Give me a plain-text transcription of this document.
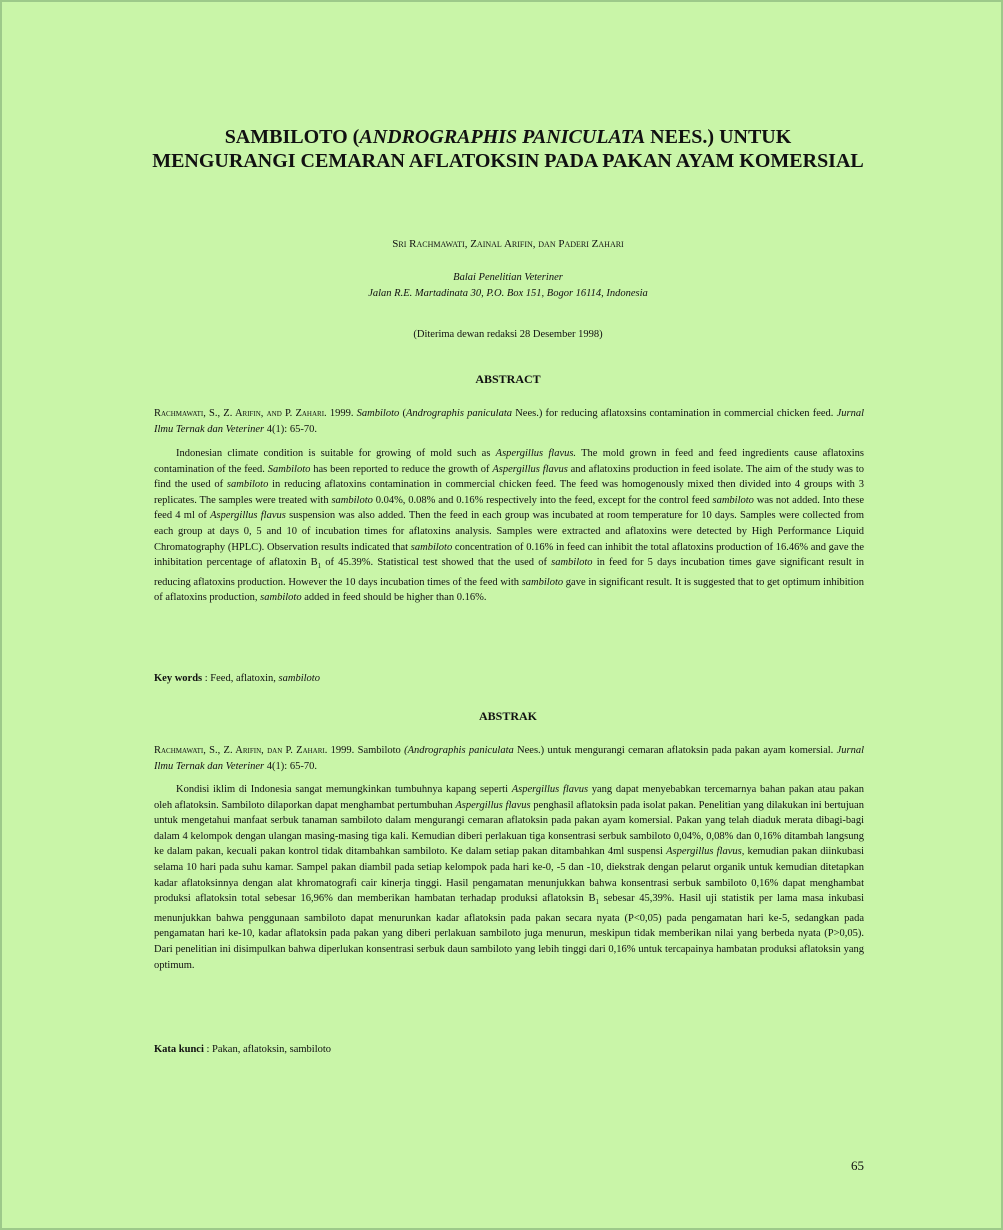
SAMBILOTO (ANDROGRAPHIS PANICULATA NEES.) UNTUK MENGURANGI CEMARAN AFLATOKSIN PADA PAKAN AYAM KOMERSIAL
Sri Rachmawati, Zainal Arifin, dan Paderi Zahari
Balai Penelitian Veteriner
Jalan R.E. Martadinata 30, P.O. Box 151, Bogor 16114, Indonesia
(Diterima dewan redaksi 28 Desember 1998)
ABSTRACT

Rachmawati, S., Z. Arifin, and P. Zahari. 1999. Sambiloto (Andrographis paniculata Nees.) for reducing aflatoxsins contamination in commercial chicken feed. Jurnal Ilmu Ternak dan Veteriner 4(1): 65-70.

Indonesian climate condition is suitable for growing of mold such as Aspergillus flavus. The mold grown in feed and feed ingredients cause aflatoxins contamination of the feed. Sambiloto has been reported to reduce the growth of Aspergillus flavus and aflatoxins production in feed isolate. The aim of the study was to find the used of sambiloto in reducing aflatoxins contamination in commercial chicken feed. The feed was homogenously mixed then divided into 4 groups with 3 replicates. The samples were treated with sambiloto 0.04%, 0.08% and 0.16% respectively into the feed, except for the control feed sambiloto was not added. Into these feed 4 ml of Aspergillus flavus suspension was also added. Then the feed in each group was incubated at room temperature for 10 days. Samples were collected from each group at days 0, 5 and 10 of incubation times for aflatoxins analysis. Samples were extracted and aflatoxins were detected by High Performance Liquid Chromatography (HPLC). Observation results indicated that sambiloto concentration of 0.16% in feed can inhibit the total aflatoxins production of 16.46% and gave the inhibitation percentage of aflatoxin $B_1$ of 45.39%. Statistical test showed that the used of sambiloto in feed for 5 days incubation times gave significant result in reducing aflatoxins production. However the 10 days incubation times of the feed with sambiloto gave in significant result. It is suggested that to get optimum inhibition of aflatoxins production, sambiloto added in feed should be higher than 0.16%.

Key words : Feed, aflatoxin, sambiloto

ABSTRAK

Rachmawati, S., Z. Arifin, dan P. Zahari. 1999. Sambiloto (Andrographis paniculata Nees.) untuk mengurangi cemaran aflatoksin pada pakan ayam komersial. Jurnal Ilmu Ternak dan Veteriner 4(1): 65-70.

Kondisi iklim di Indonesia sangat memungkinkan tumbuhnya kapang seperti Aspergillus flavus yang dapat menyebabkan tercemarnya bahan pakan atau pakan oleh aflatoksin. Sambiloto dilaporkan dapat menghambat pertumbuhan Aspergillus flavus penghasil aflatoksin pada isolat pakan. Penelitian yang dilakukan ini bertujuan untuk mengetahui manfaat serbuk tanaman sambiloto dalam mengurangi cemaran aflatoksin pada pakan ayam komersial. Pakan yang telah diaduk merata dibagi-bagi dalam 4 kelompok dengan ulangan masing-masing tiga kali. Kemudian diberi perlakuan tiga konsentrasi serbuk sambiloto 0,04%, 0,08% dan 0,16% ditambah langsung ke dalam pakan, kecuali pakan kontrol tidak ditambahkan sambiloto. Ke dalam setiap pakan ditambahkan 4ml suspensi Aspergillus flavus, kemudian pakan diinkubasi selama 10 hari pada suhu kamar. Sampel pakan diambil pada setiap kelompok pada hari ke-0, -5 dan -10, diekstrak dengan pelarut organik untuk kemudian ditetapkan kadar aflatoksinnya dengan alat khromatografi cair kinerja tinggi. Hasil pengamatan menunjukkan bahwa konsentrasi serbuk sambiloto 0,16% dapat menghambat produksi aflatoksin total sebesar 16,96% dan memberikan hambatan terhadap produksi aflatoksin $B_1$ sebesar 45,39%. Hasil uji statistik per lama masa inkubasi menunjukkan bahwa penggunaan sambiloto dapat menurunkan kadar aflatoksin pada pakan secara nyata (P<0,05) pada pengamatan hari ke-5, sedangkan pada pengamatan hari ke-10, kadar aflatoksin pada pakan yang diberi perlakuan sambiloto juga menurun, meskipun tidak memberikan nilai yang berbeda nyata (P>0,05). Dari penelitian ini disimpulkan bahwa diperlukan konsentrasi serbuk daun sambiloto yang lebih tinggi dari 0,16% untuk tercapainya hambatan produksi aflatoksin yang optimum.

Kata kunci : Pakan, aflatoksin, sambiloto

65
